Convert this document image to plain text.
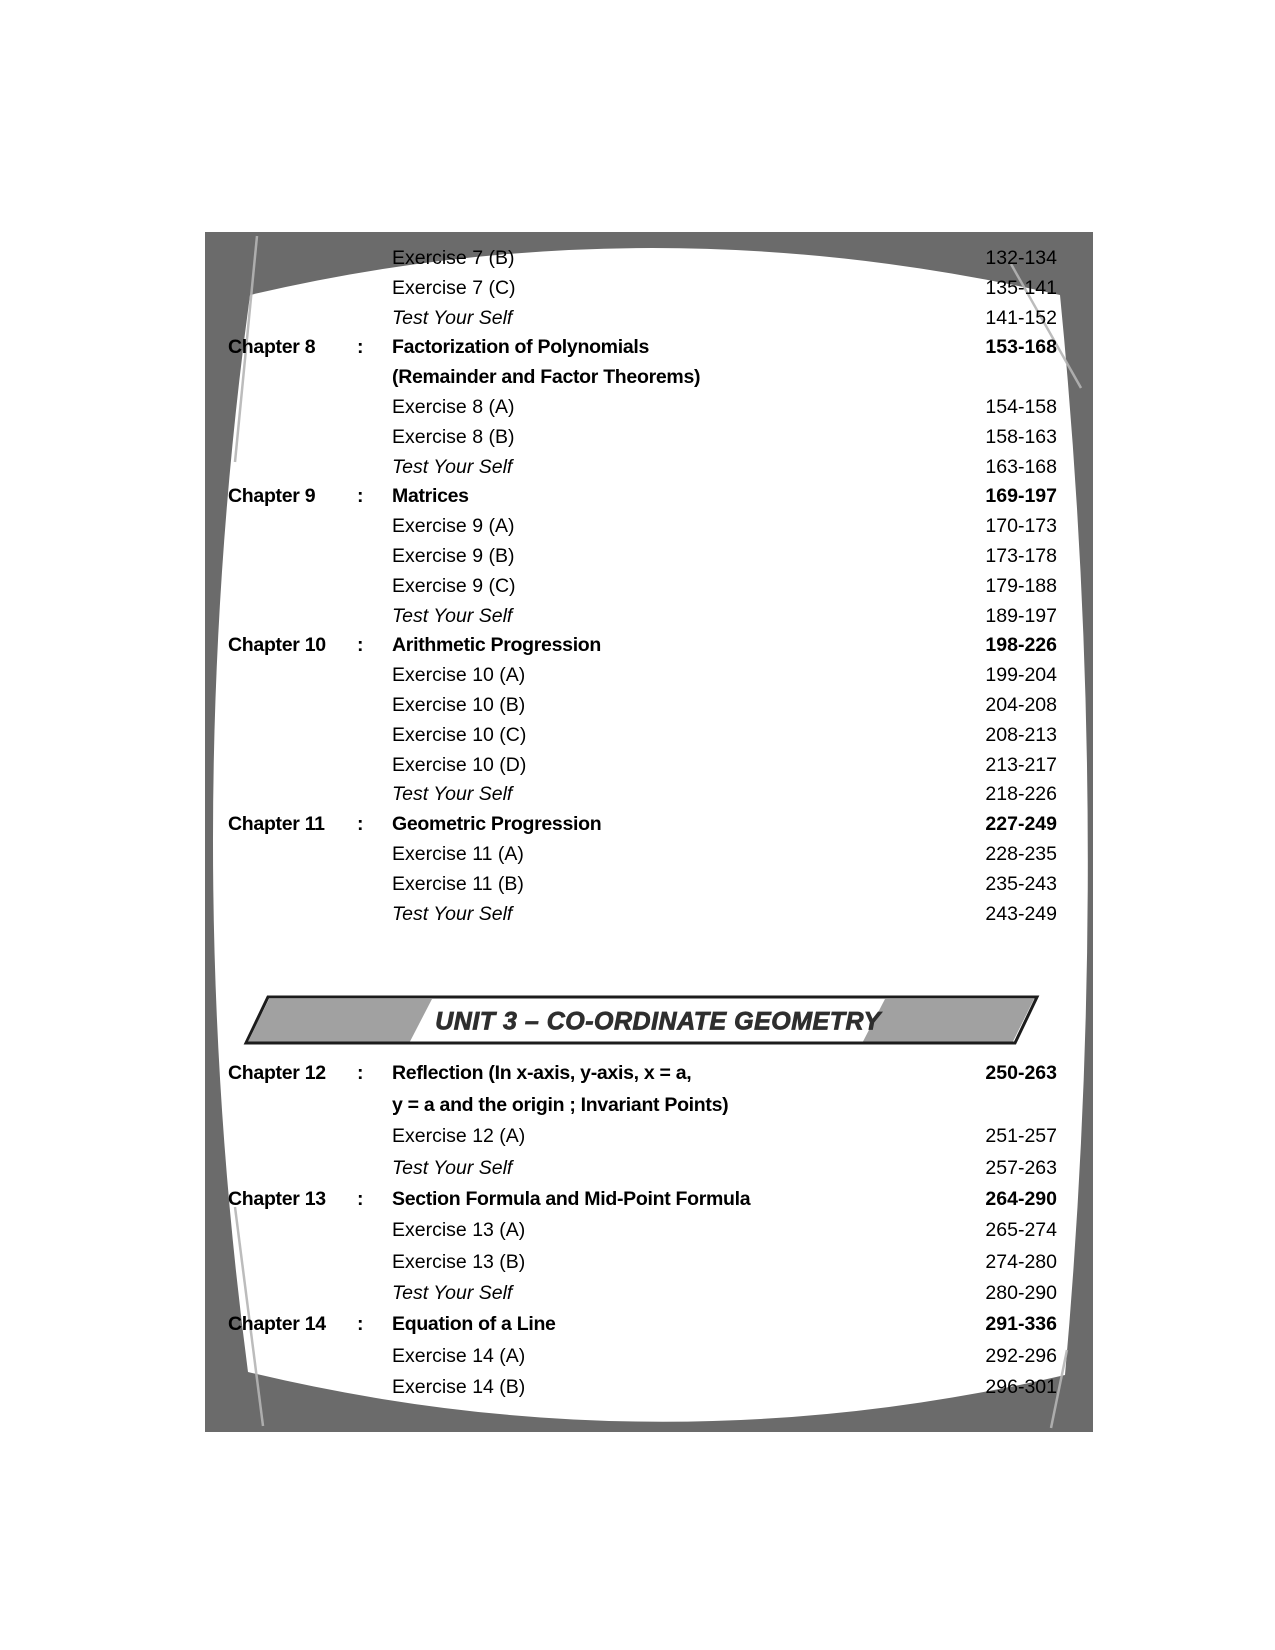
Exercise 7 (B)	132-134
Exercise 7 (C)	135-141
Test Your Self	141-152
Chapter 8 : Factorization of Polynomials	153-168
(Remainder and Factor Theorems)
Exercise 8 (A)	154-158
Exercise 8 (B)	158-163
Test Your Self	163-168
Chapter 9 : Matrices	169-197
Exercise 9 (A)	170-173
Exercise 9 (B)	173-178
Exercise 9 (C)	179-188
Test Your Self	189-197
Chapter 10 : Arithmetic Progression	198-226
Exercise 10 (A)	199-204
Exercise 10 (B)	204-208
Exercise 10 (C)	208-213
Exercise 10 (D)	213-217
Test Your Self	218-226
Chapter 11 : Geometric Progression	227-249
Exercise 11 (A)	228-235
Exercise 11 (B)	235-243
Test Your Self	243-249
UNIT 3 – CO-ORDINATE GEOMETRY
Chapter 12 : Reflection (In x-axis, y-axis, x = a,	250-263
y = a and the origin ; Invariant Points)
Exercise 12 (A)	251-257
Test Your Self	257-263
Chapter 13 : Section Formula and Mid-Point Formula	264-290
Exercise 13 (A)	265-274
Exercise 13 (B)	274-280
Test Your Self	280-290
Chapter 14 : Equation of a Line	291-336
Exercise 14 (A)	292-296
Exercise 14 (B)	296-301
